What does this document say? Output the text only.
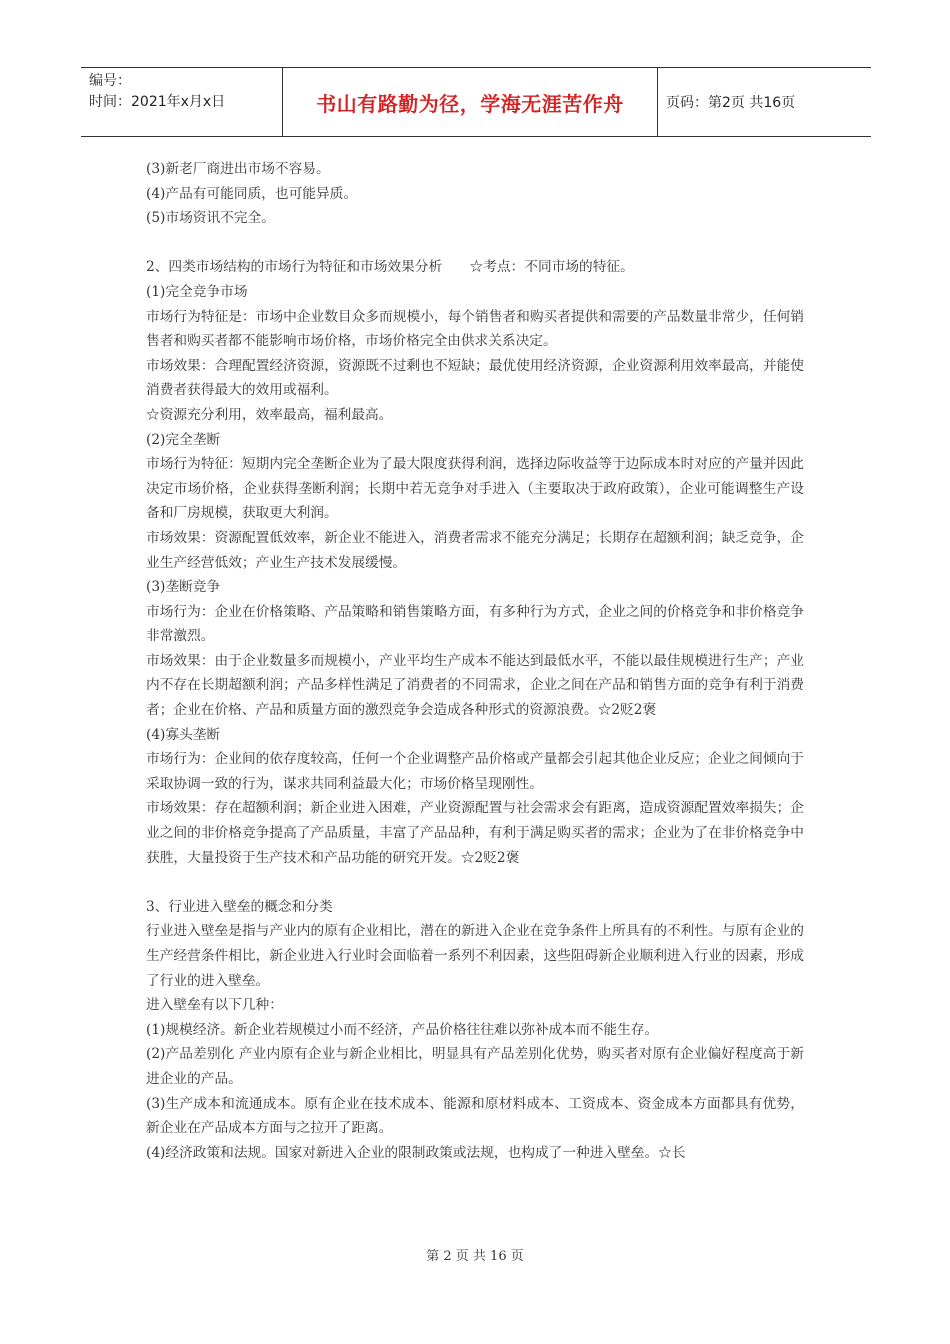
编号：
时间：2021年x月x日	书山有路勤为径，学海无涯苦作舟	页码：第2页 共16页

(3)新老厂商进出市场不容易。

(4)产品有可能同质，也可能异质。

(5)市场资讯不完全。

2、四类市场结构的市场行为特征和市场效果分析　　☆考点：不同市场的特征。

(1)完全竞争市场

市场行为特征是：市场中企业数目众多而规模小，每个销售者和购买者提供和需要的产品数量非常少，任何销售者和购买者都不能影响市场价格，市场价格完全由供求关系决定。

市场效果：合理配置经济资源，资源既不过剩也不短缺；最优使用经济资源，企业资源利用效率最高，并能使消费者获得最大的效用或福利。

☆资源充分利用，效率最高，福利最高。

(2)完全垄断

市场行为特征：短期内完全垄断企业为了最大限度获得利润，选择边际收益等于边际成本时对应的产量并因此决定市场价格，企业获得垄断利润；长期中若无竞争对手进入（主要取决于政府政策），企业可能调整生产设备和厂房规模，获取更大利润。

市场效果：资源配置低效率，新企业不能进入，消费者需求不能充分满足；长期存在超额利润；缺乏竞争，企业生产经营低效；产业生产技术发展缓慢。

(3)垄断竞争

市场行为：企业在价格策略、产品策略和销售策略方面，有多种行为方式，企业之间的价格竞争和非价格竞争非常激烈。

市场效果：由于企业数量多而规模小，产业平均生产成本不能达到最低水平，不能以最佳规模进行生产；产业内不存在长期超额利润；产品多样性满足了消费者的不同需求，企业之间在产品和销售方面的竞争有利于消费者；企业在价格、产品和质量方面的激烈竞争会造成各种形式的资源浪费。☆2贬2褒

(4)寡头垄断

市场行为：企业间的依存度较高，任何一个企业调整产品价格或产量都会引起其他企业反应；企业之间倾向于采取协调一致的行为，谋求共同利益最大化；市场价格呈现刚性。

市场效果：存在超额利润；新企业进入困难，产业资源配置与社会需求会有距离，造成资源配置效率损失；企业之间的非价格竞争提高了产品质量，丰富了产品品种，有利于满足购买者的需求；企业为了在非价格竞争中获胜，大量投资于生产技术和产品功能的研究开发。☆2贬2褒

3、行业进入壁垒的概念和分类

行业进入壁垒是指与产业内的原有企业相比，潜在的新进入企业在竞争条件上所具有的不利性。与原有企业的生产经营条件相比，新企业进入行业时会面临着一系列不利因素，这些阻碍新企业顺利进入行业的因素，形成了行业的进入壁垒。

进入壁垒有以下几种：

(1)规模经济。新企业若规模过小而不经济，产品价格往往难以弥补成本而不能生存。

(2)产品差别化 产业内原有企业与新企业相比，明显具有产品差别化优势，购买者对原有企业偏好程度高于新进企业的产品。

(3)生产成本和流通成本。原有企业在技术成本、能源和原材料成本、工资成本、资金成本方面都具有优势，新企业在产品成本方面与之拉开了距离。

(4)经济政策和法规。国家对新进入企业的限制政策或法规，也构成了一种进入壁垒。☆长

第 2 页 共 16 页
